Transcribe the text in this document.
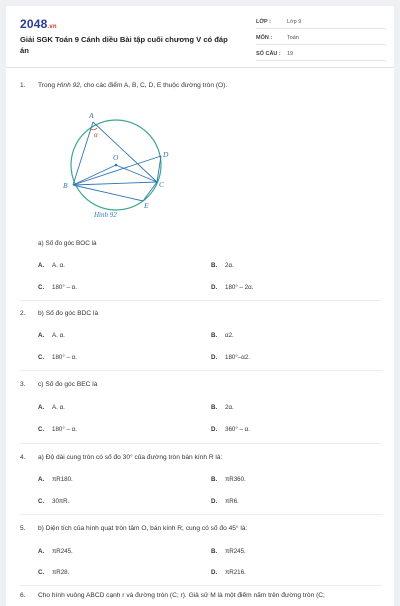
2048.vn
Giải SGK Toán 9 Cánh diều Bài tập cuối chương V có đáp án
LỚP :	Lớp 9
MÔN :	Toán
SỐ CÂU : 19
1. Trong Hình 92, cho các điểm A, B, C, D, E thuộc đường tròn (O).
A
B	C
D
E
O
α
Hình 92
a) Số đo góc BOC là
A. A. α.	B. 2α.
C. 180° – α.	D. 180° – 2α.
2. b) Số đo góc BDC là
A. A. α.	B. α2.
C. 180° – α.	D. 180°–α2.
3. c) Số đo góc BEC là
A. A. α.	B. 2α.
C. 180° – α.	D. 360° – α.
4. a) Độ dài cung tròn có số đo 30° của đường tròn bán kính R là:
A. πR180.	B. πR360.
C. 30πR.	D. πR6.
5. b) Diện tích của hình quạt tròn tâm O, bán kính R, cung có số đo 45° là:
A. πR245.	B. πR245.
C. πR28.	D. πR216.
6. Cho hình vuông ABCD cạnh r và đường tròn (C; r). Giả sử M là một điểm nằm trên đường tròn (C;
